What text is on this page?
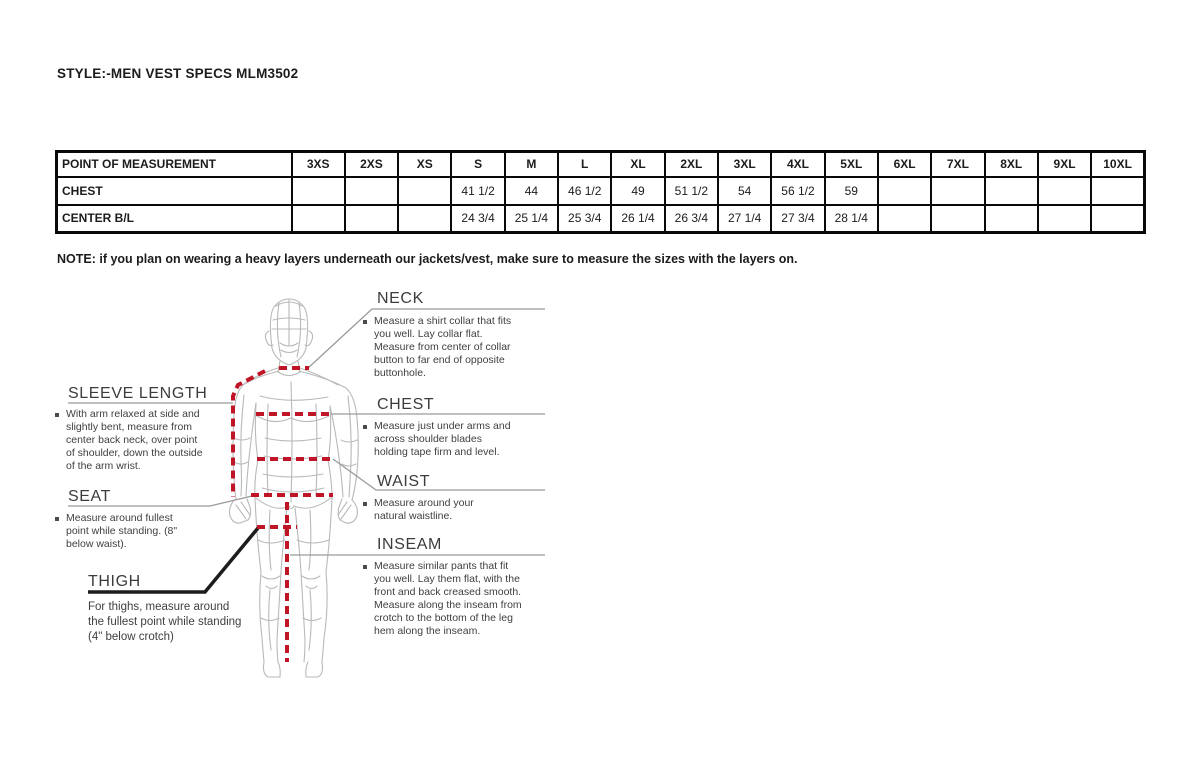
STYLE:-MEN VEST SPECS MLM3502
POINT OF MEASUREMENT	3XS	2XS	XS	S	M	L	XL	2XL	3XL	4XL	5XL	6XL	7XL	8XL	9XL	10XL
CHEST				41 1/2	44	46 1/2	49	51 1/2	54	56 1/2	59					
CENTER B/L				24 3/4	25 1/4	25 3/4	26 1/4	26 3/4	27 1/4	27 3/4	28 1/4					
NOTE: if you plan on wearing a heavy layers underneath our jackets/vest, make sure to measure the sizes with the layers on.
NECK
Measure a shirt collar that fits you well. Lay collar flat. Measure from center of collar button to far end of opposite buttonhole.
CHEST
Measure just under arms and across shoulder blades holding tape firm and level.
WAIST
Measure around your natural waistline.
INSEAM
Measure similar pants that fit you well. Lay them flat, with the front and back creased smooth. Measure along the inseam from crotch to the bottom of the leg hem along the inseam.
SLEEVE LENGTH
With arm relaxed at side and slightly bent, measure from center back neck, over point of shoulder, down the outside of the arm wrist.
SEAT
Measure around fullest point while standing. (8" below waist).
THIGH
For thighs, measure around the fullest point while standing (4" below crotch)
